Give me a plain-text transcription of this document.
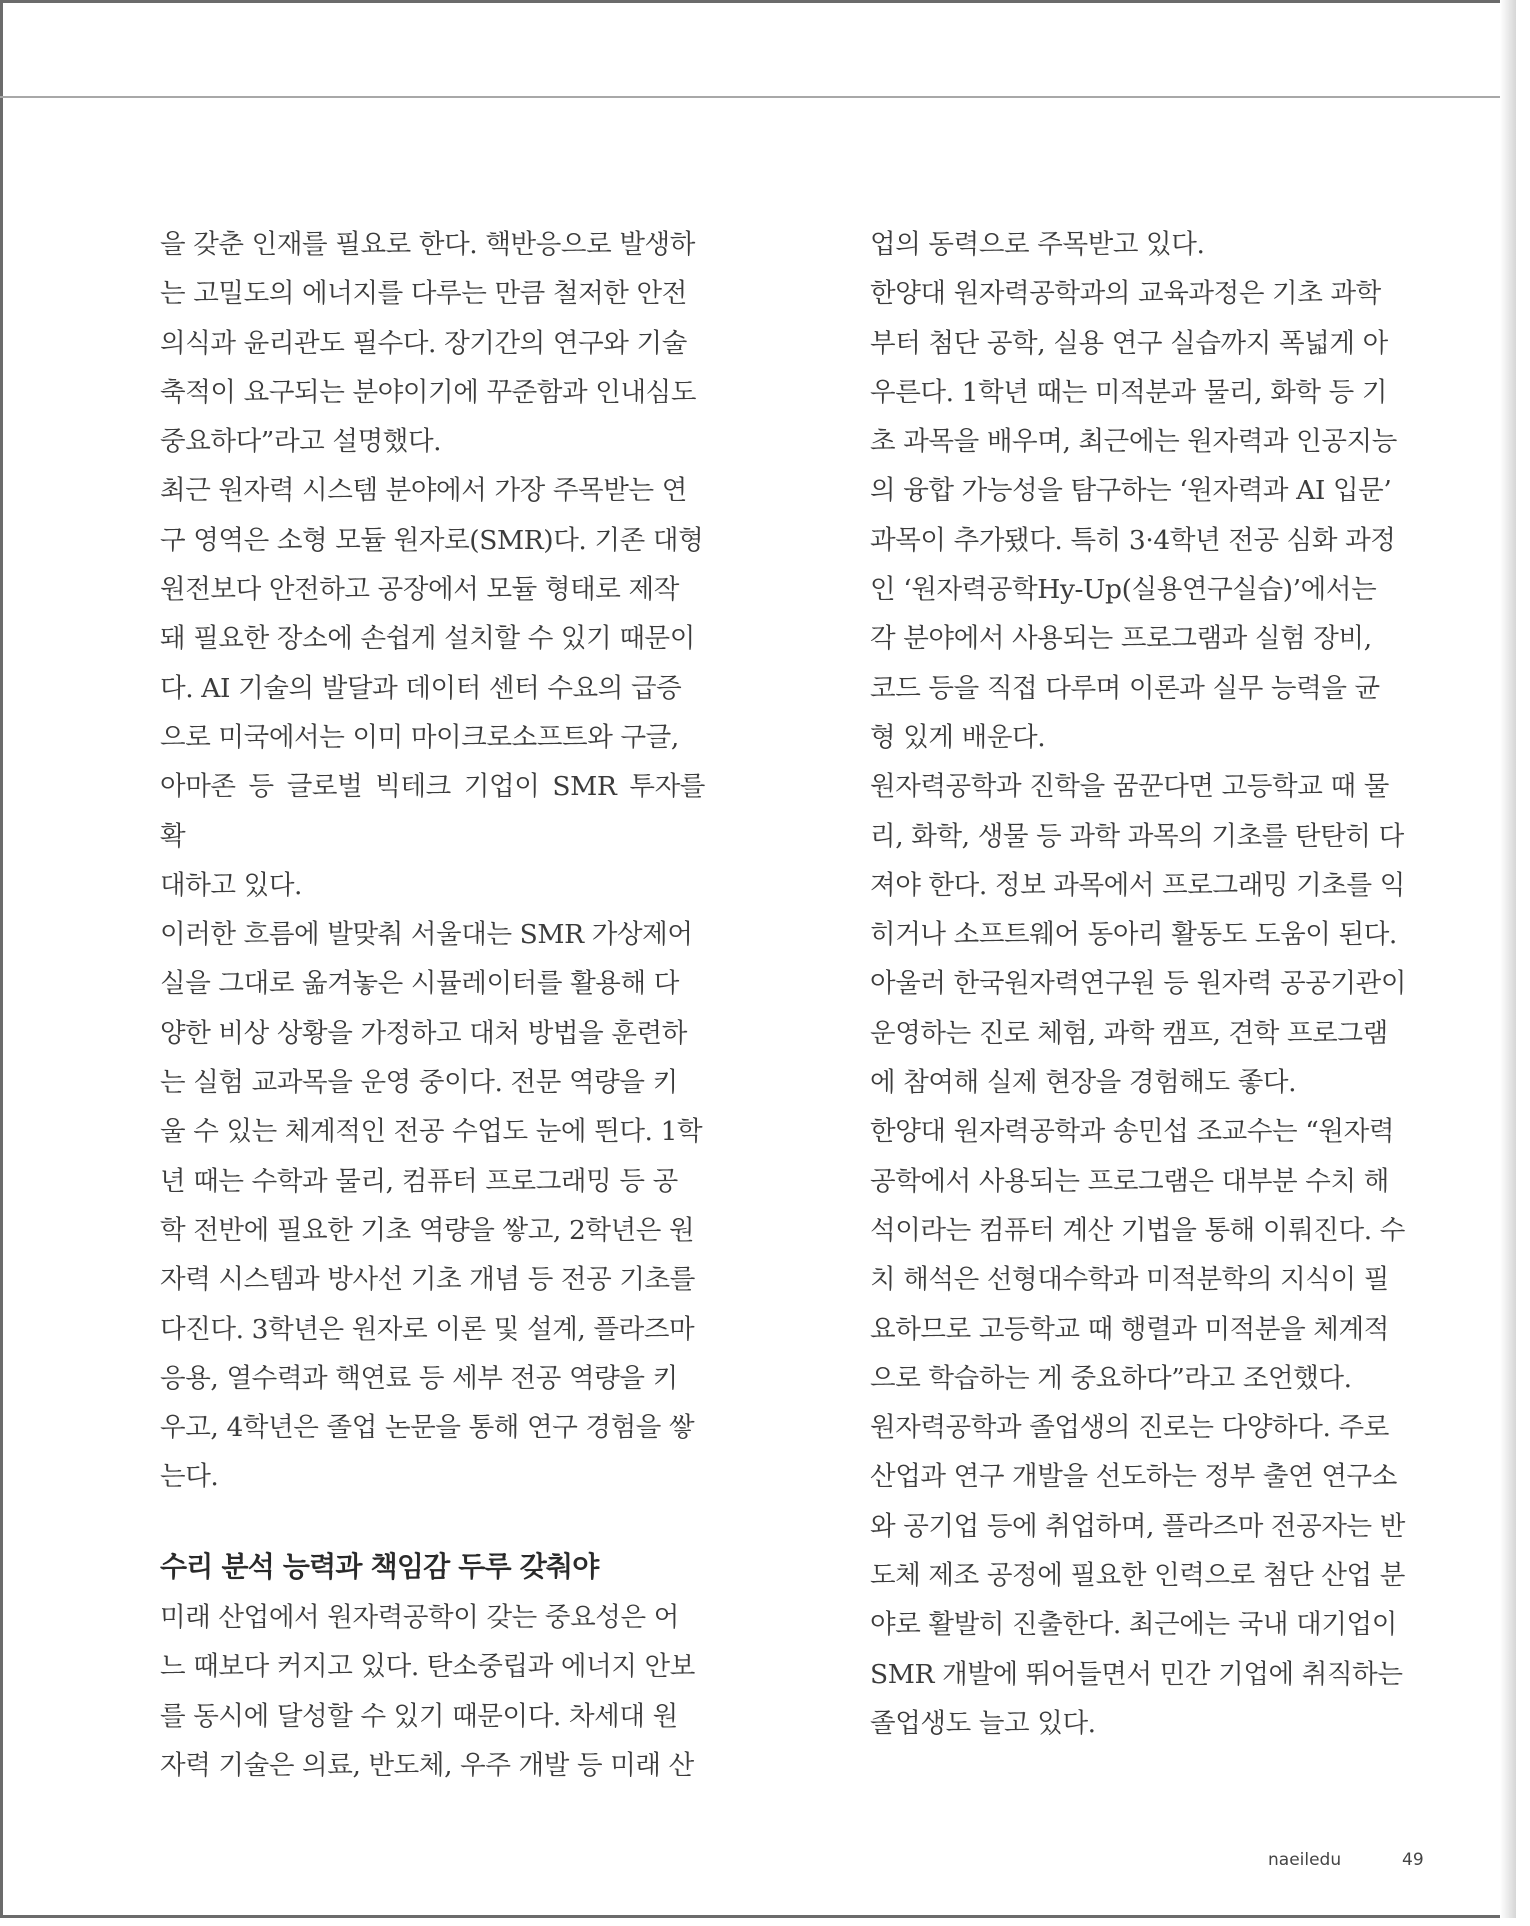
을 갖춘 인재를 필요로 한다. 핵반응으로 발생하
는 고밀도의 에너지를 다루는 만큼 철저한 안전
의식과 윤리관도 필수다. 장기간의 연구와 기술
축적이 요구되는 분야이기에 꾸준함과 인내심도
중요하다”라고 설명했다.

최근 원자력 시스템 분야에서 가장 주목받는 연
구 영역은 소형 모듈 원자로(SMR)다. 기존 대형
원전보다 안전하고 공장에서 모듈 형태로 제작
돼 필요한 장소에 손쉽게 설치할 수 있기 때문이
다. AI 기술의 발달과 데이터 센터 수요의 급증
으로 미국에서는 이미 마이크로소프트와 구글,
아마존 등 글로벌 빅테크 기업이 SMR 투자를 확
대하고 있다.

이러한 흐름에 발맞춰 서울대는 SMR 가상제어
실을 그대로 옮겨놓은 시뮬레이터를 활용해 다
양한 비상 상황을 가정하고 대처 방법을 훈련하
는 실험 교과목을 운영 중이다. 전문 역량을 키
울 수 있는 체계적인 전공 수업도 눈에 띈다. 1학
년 때는 수학과 물리, 컴퓨터 프로그래밍 등 공
학 전반에 필요한 기초 역량을 쌓고, 2학년은 원
자력 시스템과 방사선 기초 개념 등 전공 기초를
다진다. 3학년은 원자로 이론 및 설계, 플라즈마
응용, 열수력과 핵연료 등 세부 전공 역량을 키
우고, 4학년은 졸업 논문을 통해 연구 경험을 쌓
는다.

수리 분석 능력과 책임감 두루 갖춰야

미래 산업에서 원자력공학이 갖는 중요성은 어
느 때보다 커지고 있다. 탄소중립과 에너지 안보
를 동시에 달성할 수 있기 때문이다. 차세대 원
자력 기술은 의료, 반도체, 우주 개발 등 미래 산

업의 동력으로 주목받고 있다.

한양대 원자력공학과의 교육과정은 기초 과학
부터 첨단 공학, 실용 연구 실습까지 폭넓게 아
우른다. 1학년 때는 미적분과 물리, 화학 등 기
초 과목을 배우며, 최근에는 원자력과 인공지능
의 융합 가능성을 탐구하는 ‘원자력과 AI 입문’
과목이 추가됐다. 특히 3·4학년 전공 심화 과정
인 ‘원자력공학Hy-Up(실용연구실습)’에서는
각 분야에서 사용되는 프로그램과 실험 장비,
코드 등을 직접 다루며 이론과 실무 능력을 균
형 있게 배운다.

원자력공학과 진학을 꿈꾼다면 고등학교 때 물
리, 화학, 생물 등 과학 과목의 기초를 탄탄히 다
져야 한다. 정보 과목에서 프로그래밍 기초를 익
히거나 소프트웨어 동아리 활동도 도움이 된다.
아울러 한국원자력연구원 등 원자력 공공기관이
운영하는 진로 체험, 과학 캠프, 견학 프로그램
에 참여해 실제 현장을 경험해도 좋다.

한양대 원자력공학과 송민섭 조교수는 “원자력
공학에서 사용되는 프로그램은 대부분 수치 해
석이라는 컴퓨터 계산 기법을 통해 이뤄진다. 수
치 해석은 선형대수학과 미적분학의 지식이 필
요하므로 고등학교 때 행렬과 미적분을 체계적
으로 학습하는 게 중요하다”라고 조언했다.

원자력공학과 졸업생의 진로는 다양하다. 주로
산업과 연구 개발을 선도하는 정부 출연 연구소
와 공기업 등에 취업하며, 플라즈마 전공자는 반
도체 제조 공정에 필요한 인력으로 첨단 산업 분
야로 활발히 진출한다. 최근에는 국내 대기업이
SMR 개발에 뛰어들면서 민간 기업에 취직하는
졸업생도 늘고 있다.

naeiledu	49
